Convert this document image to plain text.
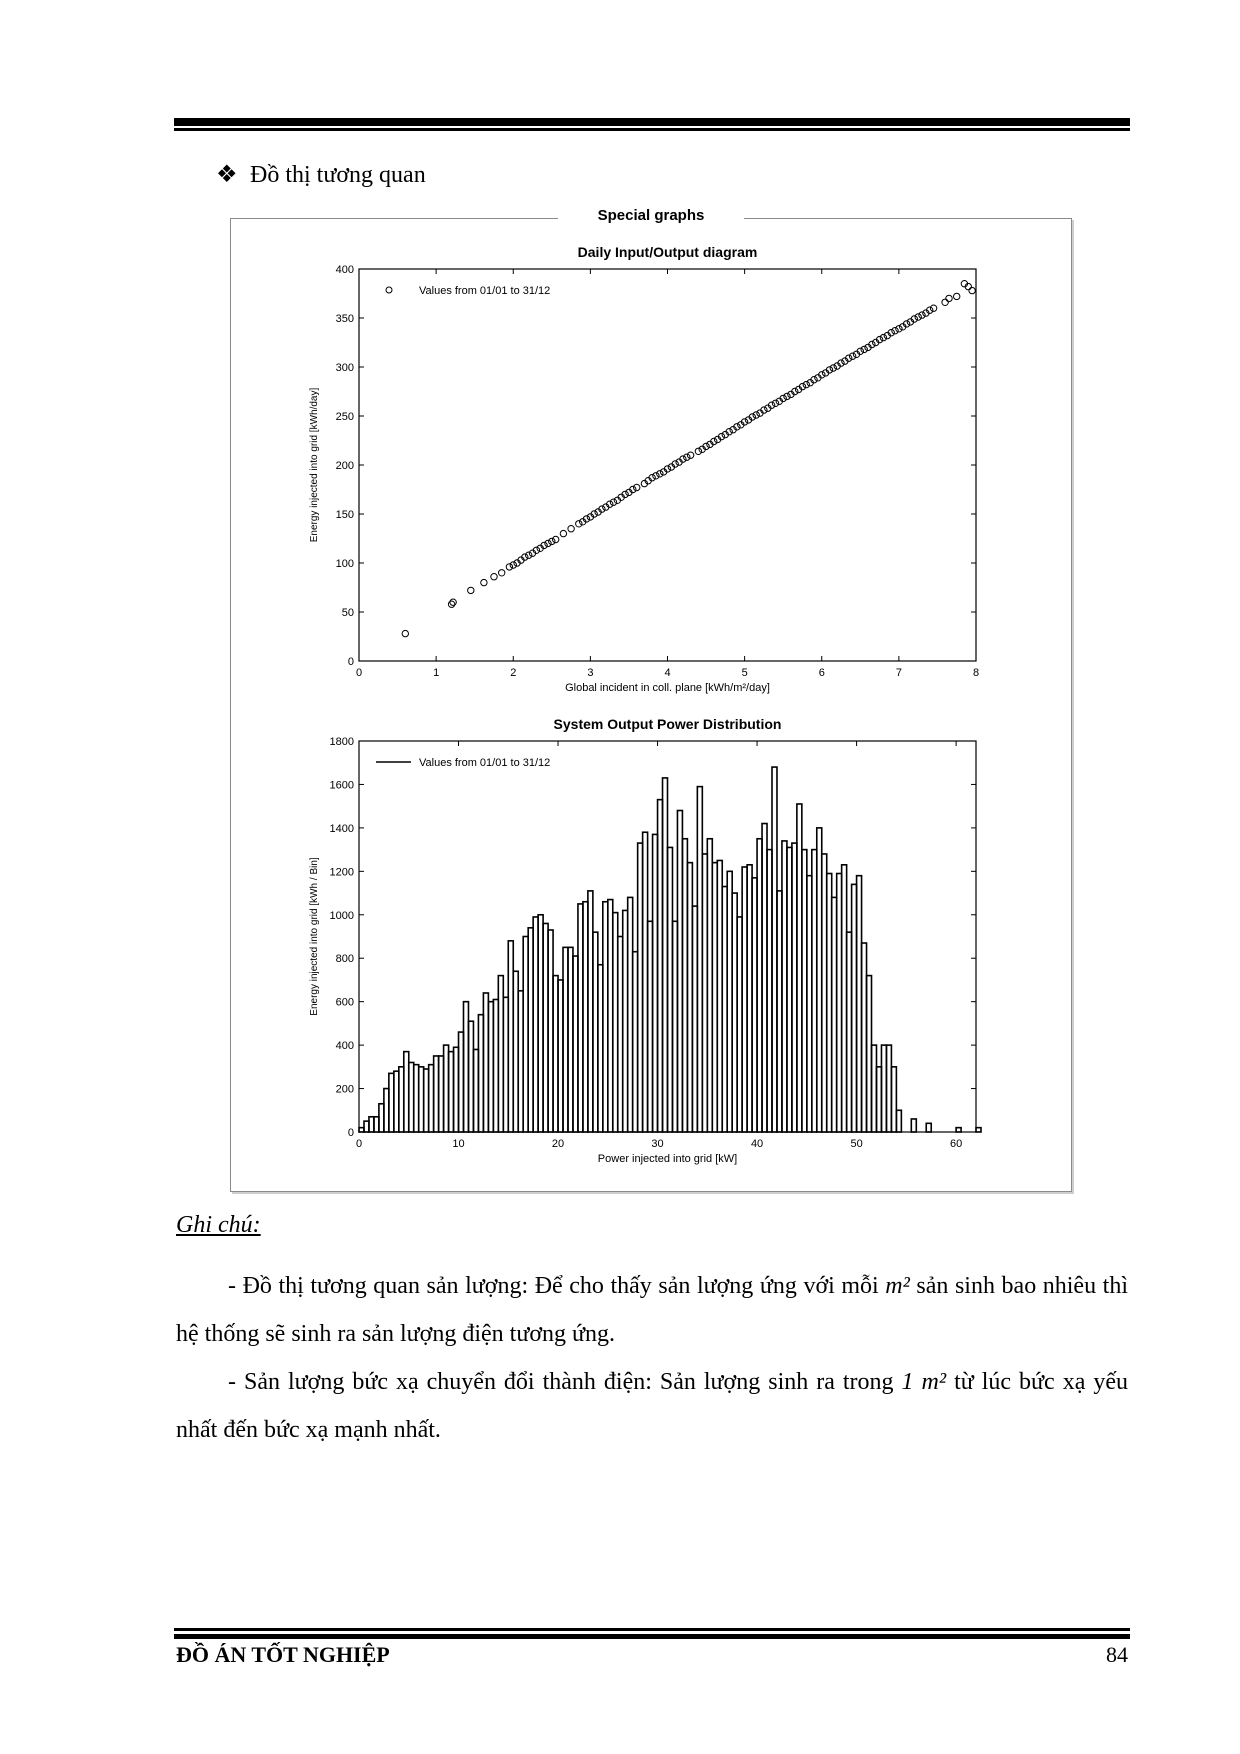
❖ Đồ thị tương quan
Special graphs
Daily Input/Output diagram
0	1	2	3	4	5	6	7	8
0
50
100
150
200
250
300
350
400
Global incident in coll. plane [kWh/m²/day]
Energy injected into grid [kWh/day]
Values from 01/01 to 31/12
System Output Power Distribution
0	10	20	30	40	50	60
0
200
400
600
800
1000
1200
1400
1600
1800
Power injected into grid [kW]
Energy injected into grid [kWh / Bin]
Values from 01/01 to 31/12
Ghi chú:
- Đồ thị tương quan sản lượng: Để cho thấy sản lượng ứng với mỗi m² sản sinh bao nhiêu thì hệ thống sẽ sinh ra sản lượng điện tương ứng.
- Sản lượng bức xạ chuyển đổi thành điện: Sản lượng sinh ra trong 1 m² từ lúc bức xạ yếu nhất đến bức xạ mạnh nhất.
ĐỒ ÁN TỐT NGHIỆP	84
